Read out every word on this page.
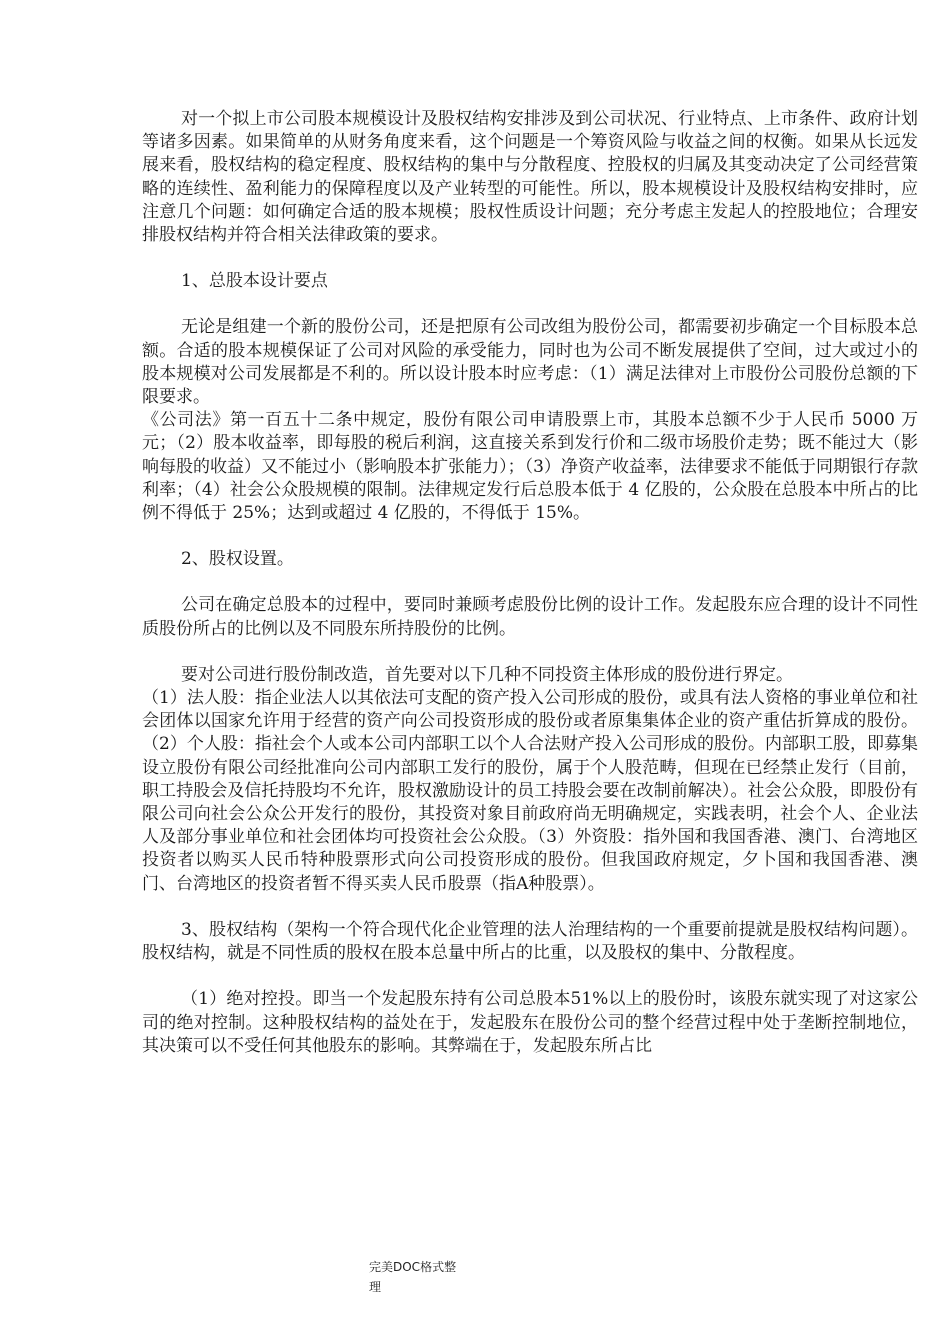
对一个拟上市公司股本规模设计及股权结构安排涉及到公司状况、行业特点、上市条件、政府计划等诸多因素。如果简单的从财务角度来看，这个问题是一个筹资风险与收益之间的权衡。如果从长远发展来看，股权结构的稳定程度、股权结构的集中与分散程度、控股权的归属及其变动决定了公司经营策略的连续性、盈利能力的保障程度以及产业转型的可能性。所以，股本规模设计及股权结构安排时，应注意几个问题：如何确定合适的股本规模；股权性质设计问题；充分考虑主发起人的控股地位；合理安排股权结构并符合相关法律政策的要求。

1、总股本设计要点

无论是组建一个新的股份公司，还是把原有公司改组为股份公司，都需要初步确定一个目标股本总额。合适的股本规模保证了公司对风险的承受能力，同时也为公司不断发展提供了空间，过大或过小的股本规模对公司发展都是不利的。所以设计股本时应考虑：（1）满足法律对上市股份公司股份总额的下限要求。

《公司法》第一百五十二条中规定，股份有限公司申请股票上市，其股本总额不少于人民币 5000 万元；（2）股本收益率，即每股的税后利润，这直接关系到发行价和二级市场股价走势；既不能过大（影响每股的收益）又不能过小（影响股本扩张能力）；（3）净资产收益率，法律要求不能低于同期银行存款利率；（4）社会公众股规模的限制。法律规定发行后总股本低于 4 亿股的，公众股在总股本中所占的比例不得低于 25%；达到或超过 4 亿股的，不得低于 15%。

2、股权设置。

公司在确定总股本的过程中，要同时兼顾考虑股份比例的设计工作。发起股东应合理的设计不同性质股份所占的比例以及不同股东所持股份的比例。

要对公司进行股份制改造，首先要对以下几种不同投资主体形成的股份进行界定。

（1）法人股：指企业法人以其依法可支配的资产投入公司形成的股份，或具有法人资格的事业单位和社会团体以国家允许用于经营的资产向公司投资形成的股份或者原集集体企业的资产重估折算成的股份。（2）个人股：指社会个人或本公司内部职工以个人合法财产投入公司形成的股份。内部职工股，即募集设立股份有限公司经批准向公司内部职工发行的股份，属于个人股范畴，但现在已经禁止发行（目前，职工持股会及信托持股均不允许，股权激励设计的员工持股会要在改制前解决）。社会公众股，即股份有限公司向社会公众公开发行的股份，其投资对象目前政府尚无明确规定，实践表明，社会个人、企业法人及部分事业单位和社会团体均可投资社会公众股。（3）外资股：指外国和我国香港、澳门、台湾地区投资者以购买人民币特种股票形式向公司投资形成的股份。但我国政府规定，夕卜国和我国香港、澳门、台湾地区的投资者暂不得买卖人民币股票（指A种股票）。

3、股权结构（架构一个符合现代化企业管理的法人治理结构的一个重要前提就是股权结构问题）。股权结构，就是不同性质的股权在股本总量中所占的比重，以及股权的集中、分散程度。

（1）绝对控投。即当一个发起股东持有公司总股本51%以上的股份时，该股东就实现了对这家公司的绝对控制。这种股权结构的益处在于，发起股东在股份公司的整个经营过程中处于垄断控制地位，其决策可以不受任何其他股东的影响。其弊端在于，发起股东所占比

完美DOC格式整
理
